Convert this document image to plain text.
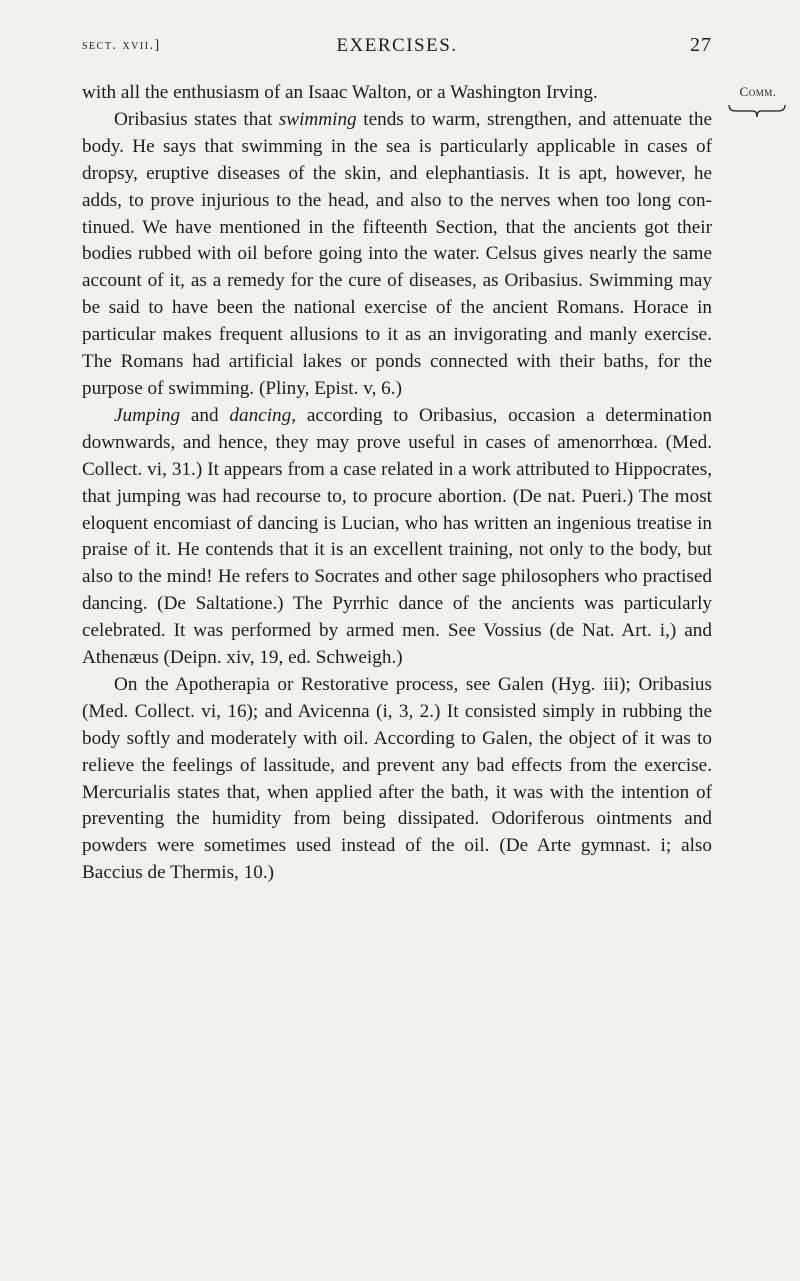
sect. xvii.]	EXERCISES.	27
Comm.

with all the enthusiasm of an Isaac Walton, or a Washington Irving.

Oribasius states that swimming tends to warm, strengthen, and attenuate the body. He says that swimming in the sea is particularly applicable in cases of dropsy, eruptive diseases of the skin, and elephantiasis. It is apt, however, he adds, to prove injurious to the head, and also to the nerves when too long continued. We have mentioned in the fifteenth Section, that the ancients got their bodies rubbed with oil before going into the water. Celsus gives nearly the same account of it, as a remedy for the cure of diseases, as Oribasius. Swimming may be said to have been the national exercise of the ancient Romans. Horace in particular makes frequent allusions to it as an invigorating and manly exercise. The Romans had artificial lakes or ponds connected with their baths, for the purpose of swimming. (Pliny, Epist. v, 6.)

Jumping and dancing, according to Oribasius, occasion a determination downwards, and hence, they may prove useful in cases of amenorrhœa. (Med. Collect. vi, 31.) It appears from a case related in a work attributed to Hippocrates, that jumping was had recourse to, to procure abortion. (De nat. Pueri.) The most eloquent encomiast of dancing is Lucian, who has written an ingenious treatise in praise of it. He contends that it is an excellent training, not only to the body, but also to the mind! He refers to Socrates and other sage philosophers who practised dancing. (De Saltatione.) The Pyrrhic dance of the ancients was particularly celebrated. It was performed by armed men. See Vossius (de Nat. Art. i,) and Athenæus (Deipn. xiv, 19, ed. Schweigh.)

On the Apotherapia or Restorative process, see Galen (Hyg. iii); Oribasius (Med. Collect. vi, 16); and Avicenna (i, 3, 2.) It consisted simply in rubbing the body softly and moderately with oil. According to Galen, the object of it was to relieve the feelings of lassitude, and prevent any bad effects from the exercise. Mercurialis states that, when applied after the bath, it was with the intention of preventing the humidity from being dissipated. Odoriferous ointments and powders were sometimes used instead of the oil. (De Arte gymnast. i; also Baccius de Thermis, 10.)
